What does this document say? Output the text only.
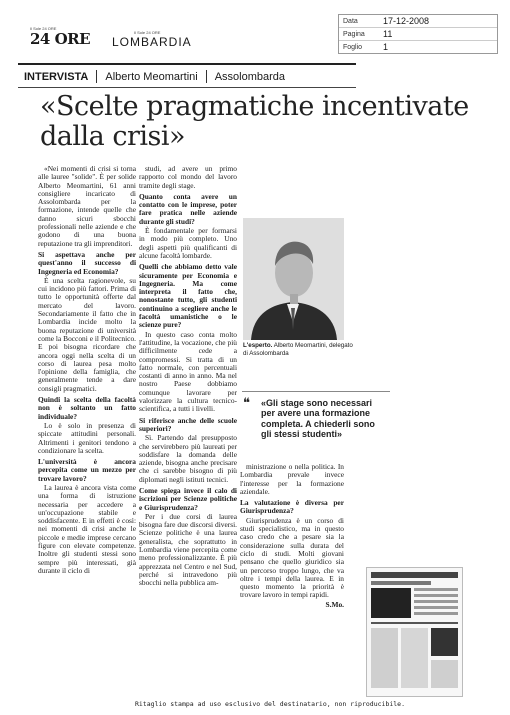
Il Sole 24 ORE
24 ORE	Il Sole 24 ORE
LOMBARDIA
Data	17-12-2008
Pagina	11
Foglio	1
INTERVISTA Alberto Meomartini Assolombarda
«Scelte pragmatiche incentivate dalla crisi»

«Nei momenti di crisi si torna alle lauree "solide". È per solide Alberto Meomartini, 61 anni consigliere incaricato di Assolombarda per la formazione, intende quelle che danno sicuri sbocchi professionali nelle aziende e che godono di una buona reputazione tra gli imprenditori.

Si aspettava anche per quest'anno il successo di Ingegneria ed Economia?

È una scelta ragionevole, su cui incidono più fattori. Prima di tutto le opportunità offerte dal mercato del lavoro. Secondariamente il fatto che in Lombardia incide molto la buona reputazione di università come la Bocconi e il Politecnico. E poi bisogna ricordare che ancora oggi nella scelta di un corso di laurea pesa molto l'opinione della famiglia, che generalmente tende a dare consigli pragmatici.

Quindi la scelta della facoltà non è soltanto un fatto individuale?

Lo è solo in presenza di spiccate attitudini personali. Altrimenti i genitori tendono a condizionare la scelta.

L'università è ancora percepita come un mezzo per trovare lavoro?

La laurea è ancora vista come una forma di istruzione necessaria per accedere a un'occupazione stabile e soddisfacente. E in effetti è così: nei momenti di crisi anche le piccole e medie imprese cercano figure con elevate competenze. Inoltre gli studenti stessi sono sempre più interessati, già durante il ciclo di

studi, ad avere un primo rapporto col mondo del lavoro tramite degli stage.

Quanto conta avere un contatto con le imprese, poter fare pratica nelle aziende durante gli studi?

È fondamentale per formarsi in modo più completo. Uno degli aspetti più qualificanti di alcune facoltà lombarde.

Quelli che abbiamo detto vale sicuramente per Economia e Ingegneria. Ma come interpreta il fatto che, nonostante tutto, gli studenti continuino a scegliere anche le facoltà umanistiche o le scienze pure?

In questo caso conta molto l'attitudine, la vocazione, che più difficilmente cede a compromessi. Si tratta di un fatto normale, con percentuali costanti di anno in anno. Ma nel nostro Paese dobbiamo comunque lavorare per valorizzare la cultura tecnico-scientifica, a tutti i livelli.

Si riferisce anche delle scuole superiori?

Sì. Partendo dal presupposto che servirebbero più laureati per soddisfare la domanda delle aziende, bisogna anche precisare che ci sarebbe bisogno di più diplomati negli istituti tecnici.

Come spiega invece il calo di iscrizioni per Scienze politiche e Giurisprudenza?

Per i due corsi di laurea bisogna fare due discorsi diversi. Scienze politiche è una laurea generalista, che soprattutto in Lombardia viene percepita come meno professionalizzante. È più apprezzata nel Centro e nel Sud, perché si intravedono più sbocchi nella pubblica am-

ministrazione o nella politica. In Lombardia prevale invece l'interesse per la formazione aziendale.

La valutazione è diversa per Giurisprudenza?

Giurisprudenza è un corso di studi specialistico, ma in questo caso credo che a pesare sia la considerazione sulla durata del ciclo di studi. Molti giovani pensano che quello giuridico sia un percorso troppo lungo, che va oltre i tempi della laurea. E in questo momento la priorità è trovare lavoro in tempi rapidi.

S.Mo.

L'esperto. Alberto Meomartini, delegato di Assolombarda
❝	«Gli stage sono necessari per avere una formazione completa. A chiederli sono gli stessi studenti»
Ritaglio stampa ad uso esclusivo del destinatario, non riproducibile.
